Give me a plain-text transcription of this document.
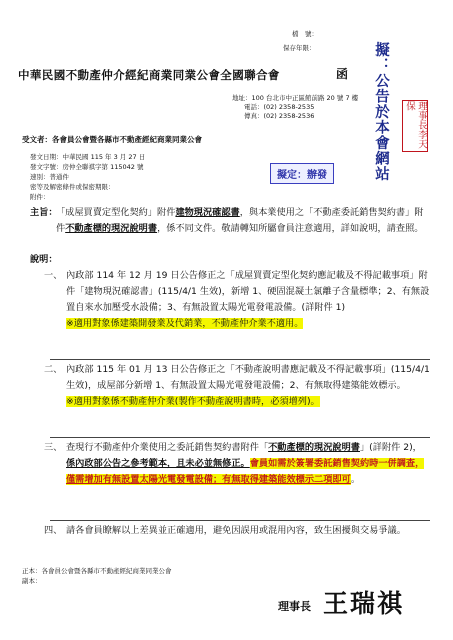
檔　號：
保存年限：
中華民國不動產仲介經紀商業同業公會全國聯合會	函
地址：100 台北市中正區館前路 20 號 7 樓
電話：(02) 2358-2535
傳真：(02) 2358-2536	擬：公告於本會網站	理事長李天保
受文者：各會員公會暨各縣市不動產經紀商業同業公會
發文日期：中華民國 115 年 3 月 27 日
發文字號：房仲全聯祺字第 115042 號
速別：普通件
密等及解密條件或保密期限：
附件：
擬定：辦發
主旨：
「成屋買賣定型化契約」附件建物現況確認書，與本業使用之「不動產委託銷售契約書」附件不動產標的現況說明書，係不同文件。敬請轉知所屬會員注意適用，詳如說明，請查照。
說明：
一、 內政部 114 年 12 月 19 日公告修正之「成屋買賣定型化契約應記載及不得記載事項」附件「建物現況確認書」(115/4/1 生效)，新增 1、硬固混凝土氯離子含量標準；2、有無設置自來水加壓受水設備；3、有無設置太陽光電發電設備。(詳附件 1)
※適用對象係建築開發業及代銷業，不動產仲介業不適用。
二、 內政部 115 年 01 月 13 日公告修正之「不動產說明書應記載及不得記載事項」(115/4/1 生效)，成屋部分新增 1、有無設置太陽光電發電設備；2、有無取得建築能效標示。
※適用對象係不動產仲介業(製作不動產說明書時，必須增列)。
三、 查現行不動產仲介業使用之委託銷售契約書附件「不動產標的現況說明書」(詳附件 2)，係內政部公告之參考範本，且未必並無修正。會員如需於簽署委託銷售契約時一併調查，僅需增加有無設置太陽光電發電設備；有無取得建築能效標示二項即可。
四、 請各會員瞭解以上差異並正確適用，避免因誤用或混用內容，致生困擾與交易爭議。
正本：各會員公會暨各縣市不動產經紀商業同業公會
副本：
理事長 王瑞祺
